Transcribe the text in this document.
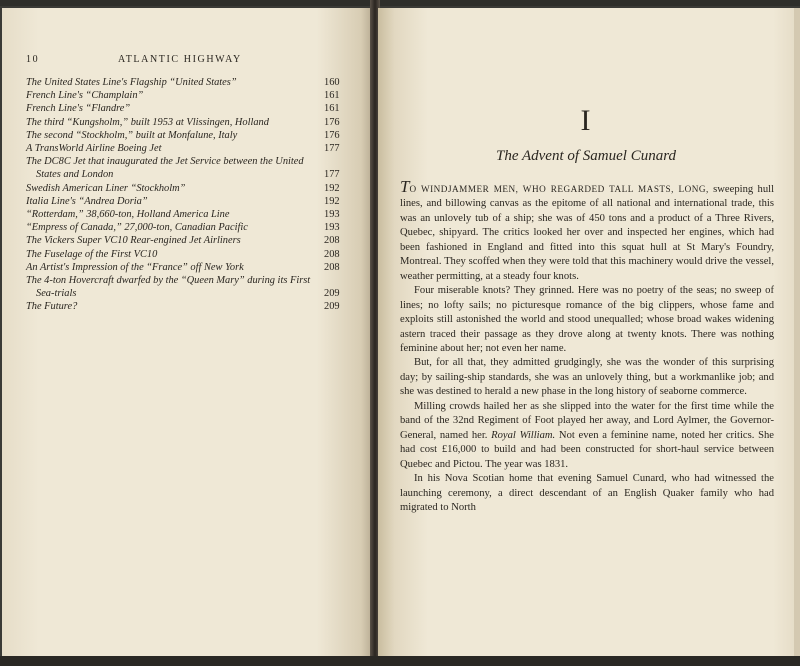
10	ATLANTIC HIGHWAY
The United States Line's Flagship “United States”	160
French Line's “Champlain”	161
French Line's “Flandre”	161
The third “Kungsholm,” built 1953 at Vlissingen, Holland	176
The second “Stockholm,” built at Monfalune, Italy	176
A TransWorld Airline Boeing Jet	177
The DC8C Jet that inaugurated the Jet Service between the United States and London	177
Swedish American Liner “Stockholm”	192
Italia Line's “Andrea Doria”	192
“Rotterdam,” 38,660-ton, Holland America Line	193
“Empress of Canada,” 27,000-ton, Canadian Pacific	193
The Vickers Super VC10 Rear-engined Jet Airliners	208
The Fuselage of the First VC10	208
An Artist's Impression of the “France” off New York	208
The 4-ton Hovercraft dwarfed by the “Queen Mary” during its First Sea-trials	209
The Future?	209
I
The Advent of Samuel Cunard

TO WINDJAMMER MEN, WHO REGARDED TALL MASTS, LONG, sweeping hull lines, and billowing canvas as the epitome of all national and international trade, this was an unlovely tub of a ship; she was of 450 tons and a product of a Three Rivers, Quebec, shipyard. The critics looked her over and inspected her engines, which had been fashioned in England and fitted into this squat hull at St Mary's Foundry, Montreal. They scoffed when they were told that this machinery would drive the vessel, weather permitting, at a steady four knots.

Four miserable knots? They grinned. Here was no poetry of the seas; no sweep of lines; no lofty sails; no picturesque romance of the big clippers, whose fame and exploits still astonished the world and stood unequalled; whose broad wakes widening astern traced their passage as they drove along at twenty knots. There was nothing feminine about her; not even her name.

But, for all that, they admitted grudgingly, she was the wonder of this surprising day; by sailing-ship standards, she was an unlovely thing, but a workmanlike job; and she was destined to herald a new phase in the long history of seaborne commerce.

Milling crowds hailed her as she slipped into the water for the first time while the band of the 32nd Regiment of Foot played her away, and Lord Aylmer, the Governor-General, named her. Royal William. Not even a feminine name, noted her critics. She had cost £16,000 to build and had been constructed for short-haul service between Quebec and Pictou. The year was 1831.

In his Nova Scotian home that evening Samuel Cunard, who had witnessed the launching ceremony, a direct descendant of an English Quaker family who had migrated to North
